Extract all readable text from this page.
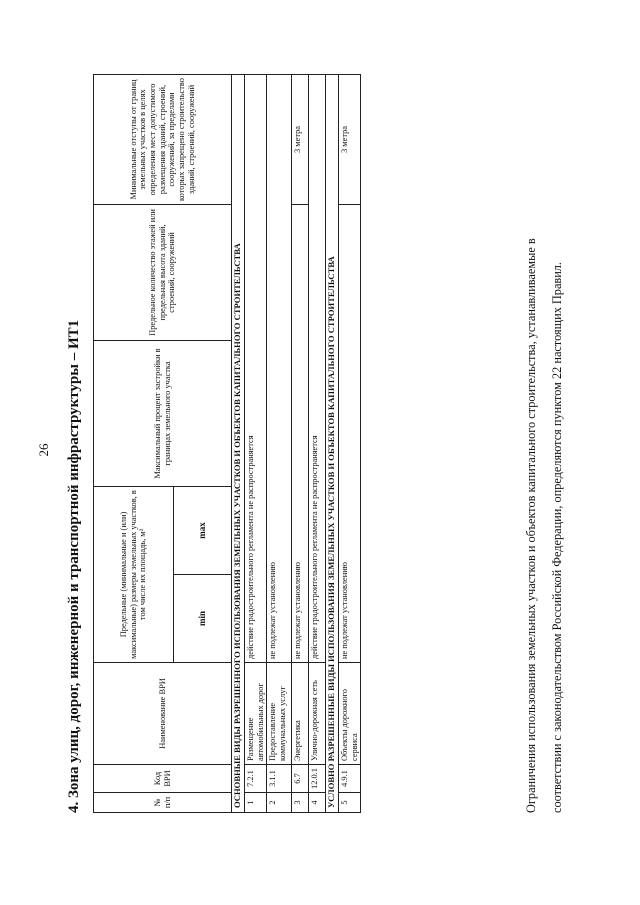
26 4. Зона улиц, дорог, инженерной и транспортной инфраструктуры – ИТ1	№ п/п	Код ВРИ	Наименование ВРИ	Предельные (минимальные и (или) максимальные) размеры земельных участков, в том числе их площадь, м²		Максимальный процент застройки в границах земельного участка	Предельное количество этажей или предельная высота зданий, строений, сооружений	Минимальные отступы от границ земельных участков в целях определения мест допустимого размещения зданий, строений, сооружений, за пределами которых запрещено строительство зданий, строений, сооружений
			min	max			
ОСНОВНЫЕ ВИДЫ РАЗРЕШЕННОГО ИСПОЛЬЗОВАНИЯ ЗЕМЕЛЬНЫХ УЧАСТКОВ И ОБЪЕКТОВ КАПИТАЛЬНОГО СТРОИТЕЛЬСТВА							
1	7.2.1	Размещение автомобильных дорог	действие градостроительного регламента не распространяется				
2	3.1.1	Предоставление коммунальных услуг	не подлежат установлению				
3	6.7	Энергетика	не подлежат установлению				3 метра
4	12.0.1	Улично-дорожная сеть	действие градостроительного регламента не распространяется				
УСЛОВНО РАЗРЕШЕННЫЕ ВИДЫ ИСПОЛЬЗОВАНИЯ ЗЕМЕЛЬНЫХ УЧАСТКОВ И ОБЪЕКТОВ КАПИТАЛЬНОГО СТРОИТЕЛЬСТВА							
5	4.9.1	Объекты дорожного сервиса	не подлежат установлению				3 метра
Ограничения использования земельных участков и объектов капитального строительства, устанавливаемые в соответствии с законодательством Российской Федерации, определяются пунктом 22 настоящих Правил.
